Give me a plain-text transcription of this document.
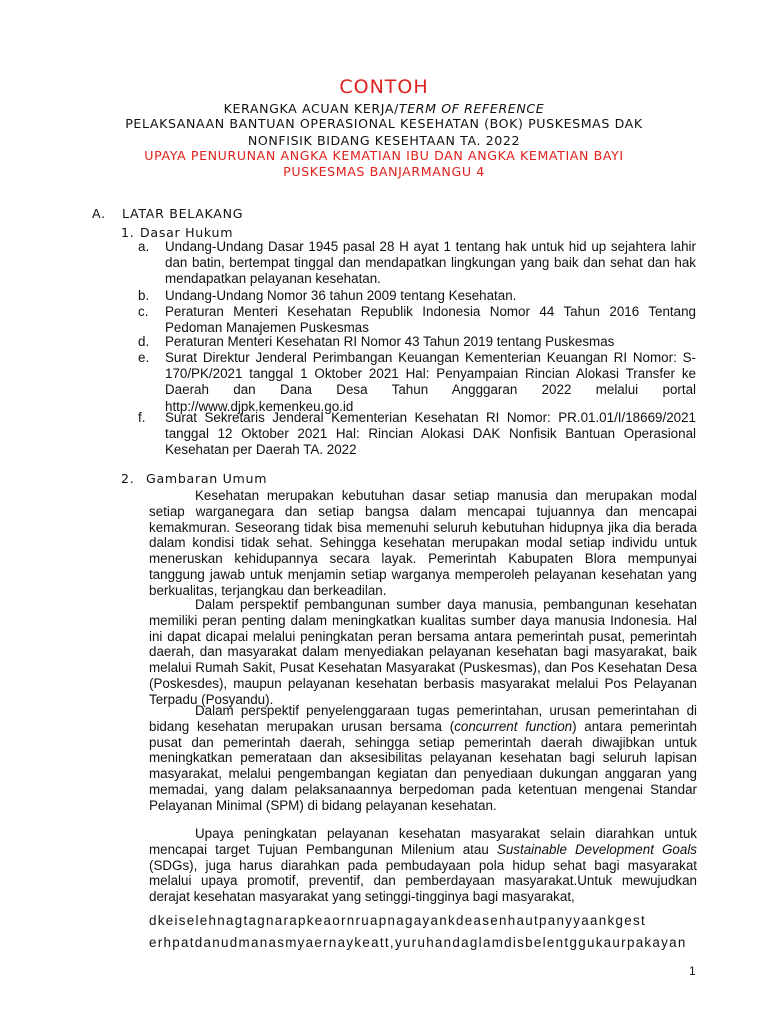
CONTOH
KERANGKA ACUAN KERJA/TERM OF REFERENCE
PELAKSANAAN BANTUAN OPERASIONAL KESEHATAN (BOK) PUSKESMAS DAK
NONFISIK BIDANG KESEHTAAN TA. 2022
UPAYA PENURUNAN ANGKA KEMATIAN IBU DAN ANGKA KEMATIAN BAYI
PUSKESMAS BANJARMANGU 4
A. LATAR BELAKANG
1. Dasar Hukum
a. Undang-Undang Dasar 1945 pasal 28 H ayat 1 tentang hak untuk hid up sejahtera lahir dan batin, bertempat tinggal dan mendapatkan lingkungan yang baik dan sehat dan hak mendapatkan pelayanan kesehatan.
b. Undang-Undang Nomor 36 tahun 2009 tentang Kesehatan.
c. Peraturan Menteri Kesehatan Republik Indonesia Nomor 44 Tahun 2016 Tentang Pedoman Manajemen Puskesmas
d. Peraturan Menteri Kesehatan RI Nomor 43 Tahun 2019 tentang Puskesmas
e. Surat Direktur Jenderal Perimbangan Keuangan Kementerian Keuangan RI Nomor: S-170/PK/2021 tanggal 1 Oktober 2021 Hal: Penyampaian Rincian Alokasi Transfer ke Daerah dan Dana Desa Tahun Angggaran 2022 melalui portal http://www.djpk.kemenkeu.go.id
f. Surat Sekretaris Jenderal Kementerian Kesehatan RI Nomor: PR.01.01/I/18669/2021 tanggal 12 Oktober 2021 Hal: Rincian Alokasi DAK Nonfisik Bantuan Operasional Kesehatan per Daerah TA. 2022
2. Gambaran Umum
Kesehatan merupakan kebutuhan dasar setiap manusia dan merupakan modal setiap warganegara dan setiap bangsa dalam mencapai tujuannya dan mencapai kemakmuran. Seseorang tidak bisa memenuhi seluruh kebutuhan hidupnya jika dia berada dalam kondisi tidak sehat. Sehingga kesehatan merupakan modal setiap individu untuk meneruskan kehidupannya secara layak. Pemerintah Kabupaten Blora mempunyai tanggung jawab untuk menjamin setiap warganya memperoleh pelayanan kesehatan yang berkualitas, terjangkau dan berkeadilan.
Dalam perspektif pembangunan sumber daya manusia, pembangunan kesehatan memiliki peran penting dalam meningkatkan kualitas sumber daya manusia Indonesia. Hal ini dapat dicapai melalui peningkatan peran bersama antara pemerintah pusat, pemerintah daerah, dan masyarakat dalam menyediakan pelayanan kesehatan bagi masyarakat, baik melalui Rumah Sakit, Pusat Kesehatan Masyarakat (Puskesmas), dan Pos Kesehatan Desa (Poskesdes), maupun pelayanan kesehatan berbasis masyarakat melalui Pos Pelayanan Terpadu (Posyandu).
Dalam perspektif penyelenggaraan tugas pemerintahan, urusan pemerintahan di bidang kesehatan merupakan urusan bersama (concurrent function) antara pemerintah pusat dan pemerintah daerah, sehingga setiap pemerintah daerah diwajibkan untuk meningkatkan pemerataan dan aksesibilitas pelayanan kesehatan bagi seluruh lapisan masyarakat, melalui pengembangan kegiatan dan penyediaan dukungan anggaran yang memadai, yang dalam pelaksanaannya berpedoman pada ketentuan mengenai Standar Pelayanan Minimal (SPM) di bidang pelayanan kesehatan.
Upaya peningkatan pelayanan kesehatan masyarakat selain diarahkan untuk mencapai target Tujuan Pembangunan Milenium atau Sustainable Development Goals (SDGs), juga harus diarahkan pada pembudayaan pola hidup sehat bagi masyarakat melalui upaya promotif, preventif, dan pemberdayaan masyarakat.Untuk mewujudkan derajat kesehatan masyarakat yang setinggi-tingginya bagi masyarakat,
dkeiselehnagtagnarapkeaornruapnagayankdeasenhautpanyyaankgest
erhpatdanudmanasmyaernaykeatt,yuruhandaglamdisbelentggukaurpakayan
1
